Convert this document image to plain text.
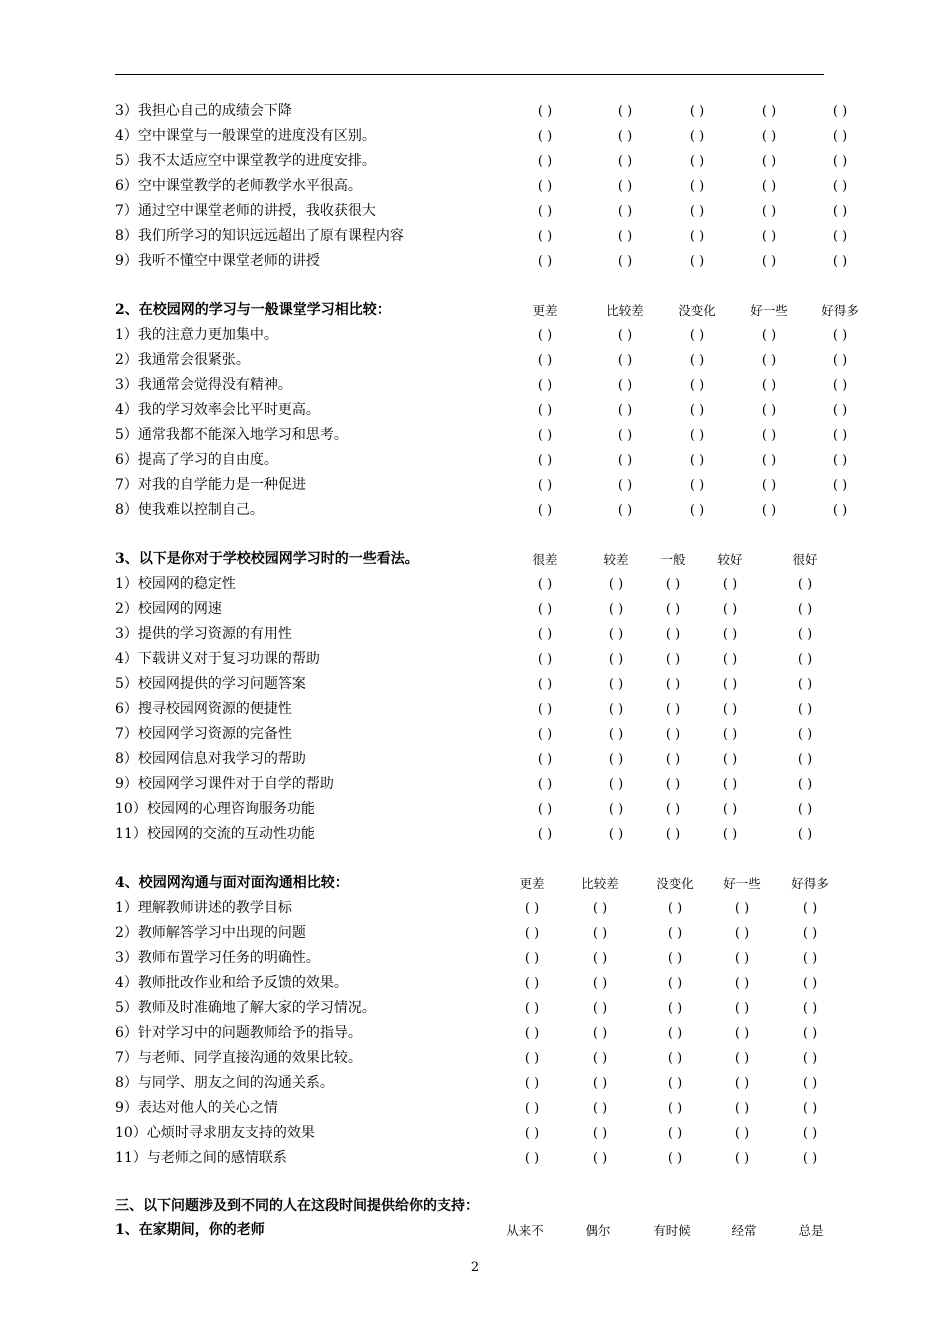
3）我担心自己的成绩会下降	( )	( )	( )	( )	( )
4）空中课堂与一般课堂的进度没有区别。	( )	( )	( )	( )	( )
5）我不太适应空中课堂教学的进度安排。	( )	( )	( )	( )	( )
6）空中课堂教学的老师教学水平很高。	( )	( )	( )	( )	( )
7）通过空中课堂老师的讲授，我收获很大	( )	( )	( )	( )	( )
8）我们所学习的知识远远超出了原有课程内容	( )	( )	( )	( )	( )
9）我听不懂空中课堂老师的讲授	( )	( )	( )	( )	( )
2、在校园网的学习与一般课堂学习相比较：	更差	比较差	没变化	好一些	好得多
1）我的注意力更加集中。	( )	( )	( )	( )	( )
2）我通常会很紧张。	( )	( )	( )	( )	( )
3）我通常会觉得没有精神。	( )	( )	( )	( )	( )
4）我的学习效率会比平时更高。	( )	( )	( )	( )	( )
5）通常我都不能深入地学习和思考。	( )	( )	( )	( )	( )
6）提高了学习的自由度。	( )	( )	( )	( )	( )
7）对我的自学能力是一种促进	( )	( )	( )	( )	( )
8）使我难以控制自己。	( )	( )	( )	( )	( )
3、以下是你对于学校校园网学习时的一些看法。	很差	较差	一般	较好	很好
1）校园网的稳定性	( )	( )	( )	( )	( )
2）校园网的网速	( )	( )	( )	( )	( )
3）提供的学习资源的有用性	( )	( )	( )	( )	( )
4）下载讲义对于复习功课的帮助	( )	( )	( )	( )	( )
5）校园网提供的学习问题答案	( )	( )	( )	( )	( )
6）搜寻校园网资源的便捷性	( )	( )	( )	( )	( )
7）校园网学习资源的完备性	( )	( )	( )	( )	( )
8）校园网信息对我学习的帮助	( )	( )	( )	( )	( )
9）校园网学习课件对于自学的帮助	( )	( )	( )	( )	( )
10）校园网的心理咨询服务功能	( )	( )	( )	( )	( )
11）校园网的交流的互动性功能	( )	( )	( )	( )	( )
4、校园网沟通与面对面沟通相比较：	更差	比较差	没变化 好一些 好得多
1）理解教师讲述的教学目标	( )	( )	( )	( )	( )
2）教师解答学习中出现的问题	( )	( )	( )	( )	( )
3）教师布置学习任务的明确性。	( )	( )	( )	( )	( )
4）教师批改作业和给予反馈的效果。	( )	( )	( )	( )	( )
5）教师及时准确地了解大家的学习情况。	( )	( )	( )	( )	( )
6）针对学习中的问题教师给予的指导。	( )	( )	( )	( )	( )
7）与老师、同学直接沟通的效果比较。	( )	( )	( )	( )	( )
8）与同学、朋友之间的沟通关系。	( )	( )	( )	( )	( )
9）表达对他人的关心之情	( )	( )	( )	( )	( )
10）心烦时寻求朋友支持的效果	( )	( )	( )	( )	( )
11）与老师之间的感情联系	( )	( )	( )	( )	( )
三、以下问题涉及到不同的人在这段时间提供给你的支持：
1、在家期间，你的老师	从来不	偶尔	有时候	经常	总是
2
